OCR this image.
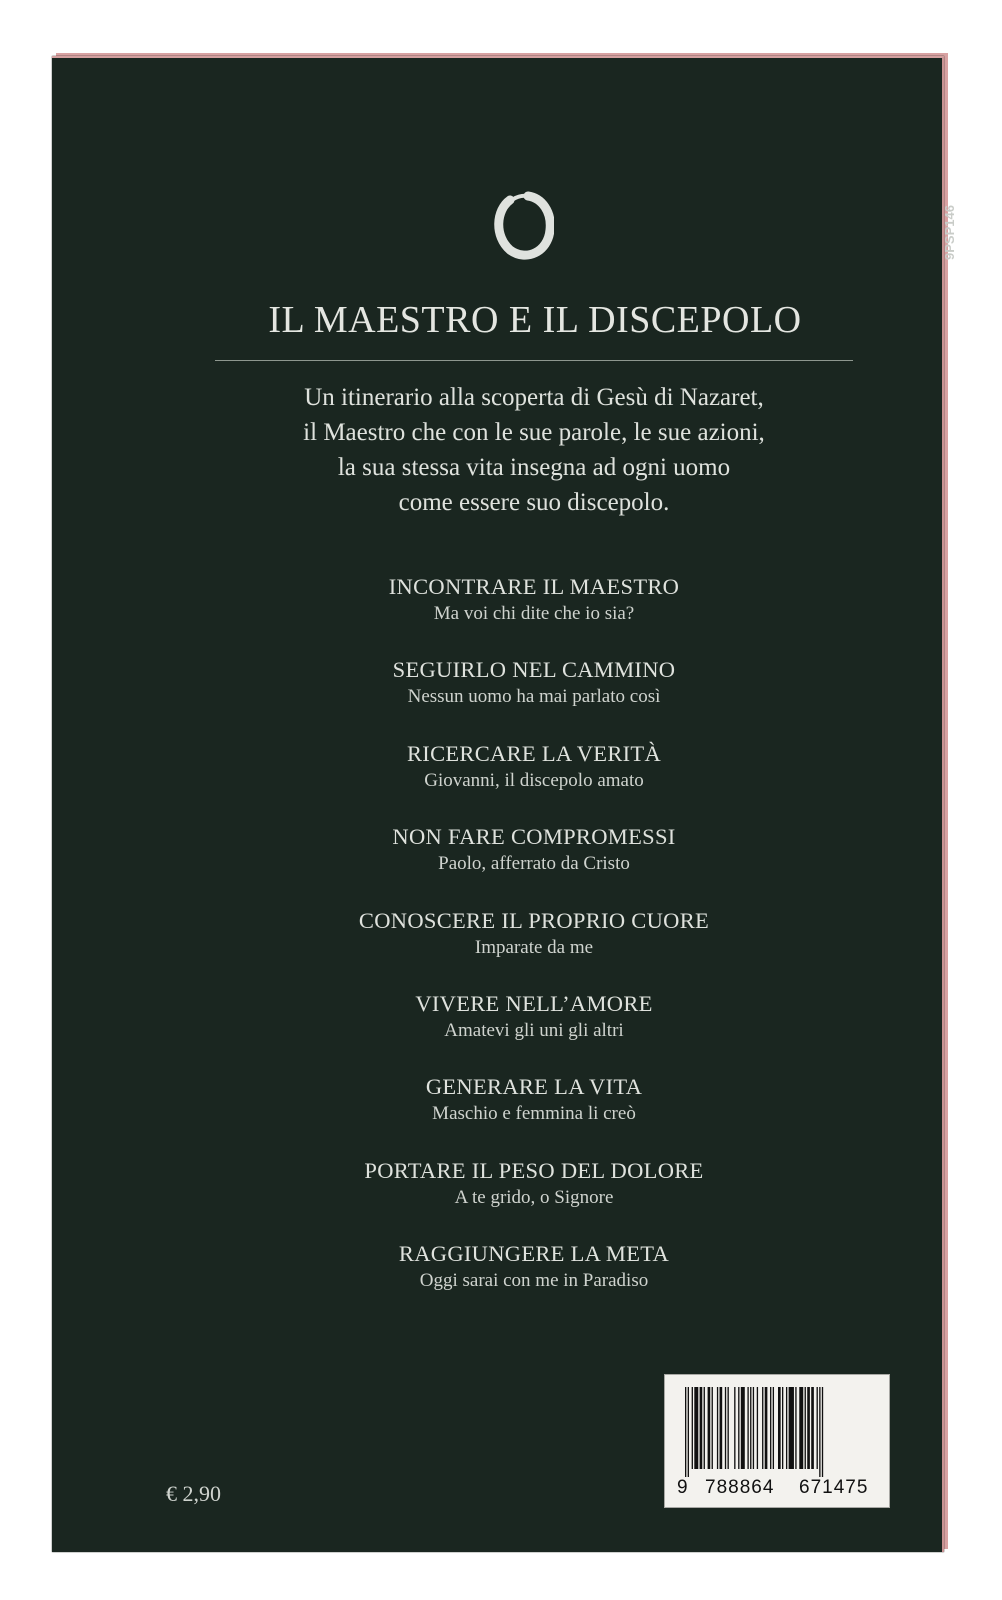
9PSP146
IL MAESTRO E IL DISCEPOLO
Un itinerario alla scoperta di Gesù di Nazaret,
il Maestro che con le sue parole, le sue azioni,
la sua stessa vita insegna ad ogni uomo
come essere suo discepolo.
INCONTRARE IL MAESTRO
Ma voi chi dite che io sia?
SEGUIRLO NEL CAMMINO
Nessun uomo ha mai parlato così
RICERCARE LA VERITÀ
Giovanni, il discepolo amato
NON FARE COMPROMESSI
Paolo, afferrato da Cristo
CONOSCERE IL PROPRIO CUORE
Imparate da me
VIVERE NELL’AMORE
Amatevi gli uni gli altri
GENERARE LA VITA
Maschio e femmina li creò
PORTARE IL PESO DEL DOLORE
A te grido, o Signore
RAGGIUNGERE LA META
Oggi sarai con me in Paradiso
€ 2,90	9 788864 671475
